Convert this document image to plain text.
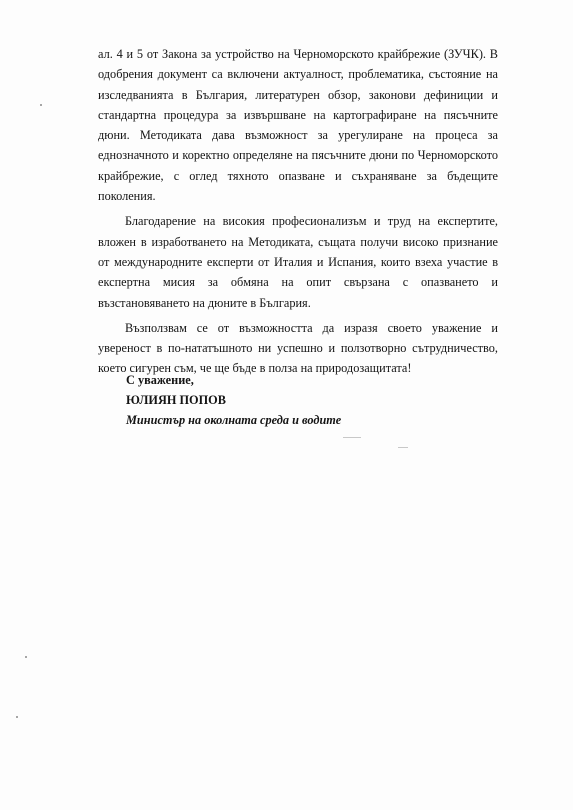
ал. 4 и 5 от Закона за устройство на Черноморското крайбрежие (ЗУЧК). В одобрения документ са включени актуалност, проблематика, състояние на изследванията в България, литературен обзор, законови дефиниции и стандартна процедура за извършване на картографиране на пясъчните дюни. Методиката дава възможност за урегулиране на процеса за еднозначното и коректно определяне на пясъчните дюни по Черноморското крайбрежие, с оглед тяхното опазване и съхраняване за бъдещите поколения.

Благодарение на високия професионализъм и труд на експертите, вложен в изработването на Методиката, същата получи високо признание от международните експерти от Италия и Испания, които взеха участие в експертна мисия за обмяна на опит свързана с опазването и възстановяването на дюните в България.

Възползвам се от възможността да изразя своето уважение и увереност в по-нататъшното ни успешно и ползотворно сътрудничество, което сигурен съм, че ще бъде в полза на природозащитата!

С уважение,
ЮЛИЯН ПОПОВ
Министър на околната среда и водите
